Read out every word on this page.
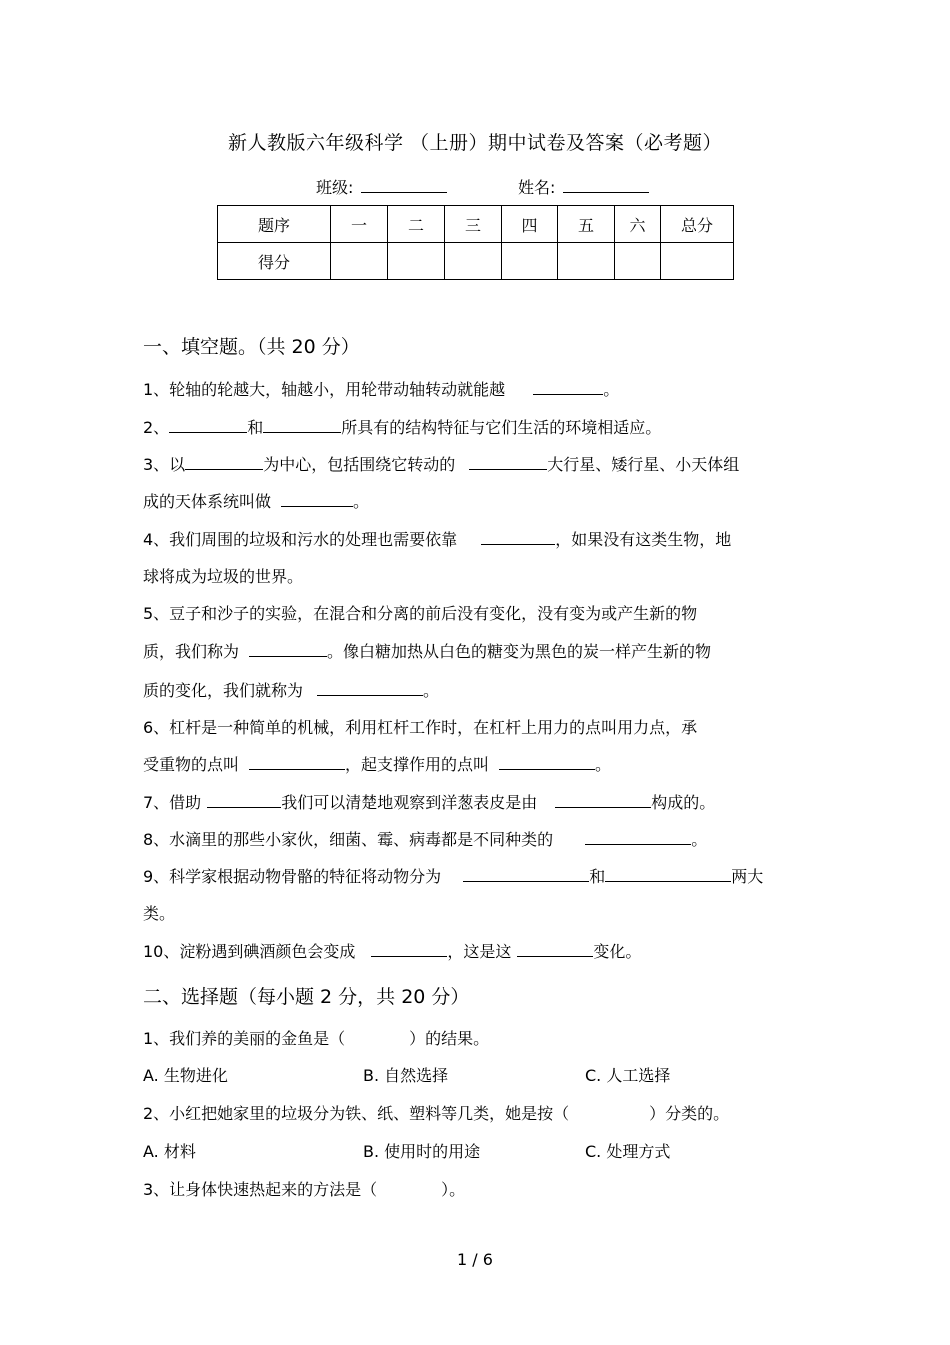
新人教版六年级科学 （上册）期中试卷及答案（必考题）
班级:	姓名:
题序	一	二	三	四	五	六	总分
得分							
一、填空题。（共 20 分）
1、轮轴的轮越大，轴越小，用轮带动轴转动就能越	。
2、	和	所具有的结构特征与它们生活的环境相适应。
3、以	为中心，包括围绕它转动的	大行星、矮行星、小天体组
成的天体系统叫做	。
4、我们周围的垃圾和污水的处理也需要依靠	，如果没有这类生物，地
球将成为垃圾的世界。
5、豆子和沙子的实验，在混合和分离的前后没有变化，没有变为或产生新的物
质，我们称为	。像白糖加热从白色的糖变为黑色的炭一样产生新的物
质的变化，我们就称为	。
6、杠杆是一种简单的机械，利用杠杆工作时，在杠杆上用力的点叫用力点，承
受重物的点叫	，起支撑作用的点叫	。
7、借助	我们可以清楚地观察到洋葱表皮是由	构成的。
8、水滴里的那些小家伙，细菌、霉、病毒都是不同种类的	。
9、科学家根据动物骨骼的特征将动物分为	和	两大
类。
10、淀粉遇到碘酒颜色会变成	，这是这	变化。
二、选择题（每小题 2 分，共 20 分）
1、我们养的美丽的金鱼是（　　　　）的结果。
A. 生物进化	B. 自然选择	C. 人工选择
2、小红把她家里的垃圾分为铁、纸、塑料等几类，她是按（　　　　　）分类的。
A. 材料	B. 使用时的用途	C. 处理方式
3、让身体快速热起来的方法是（　　　　）。
1 / 6
